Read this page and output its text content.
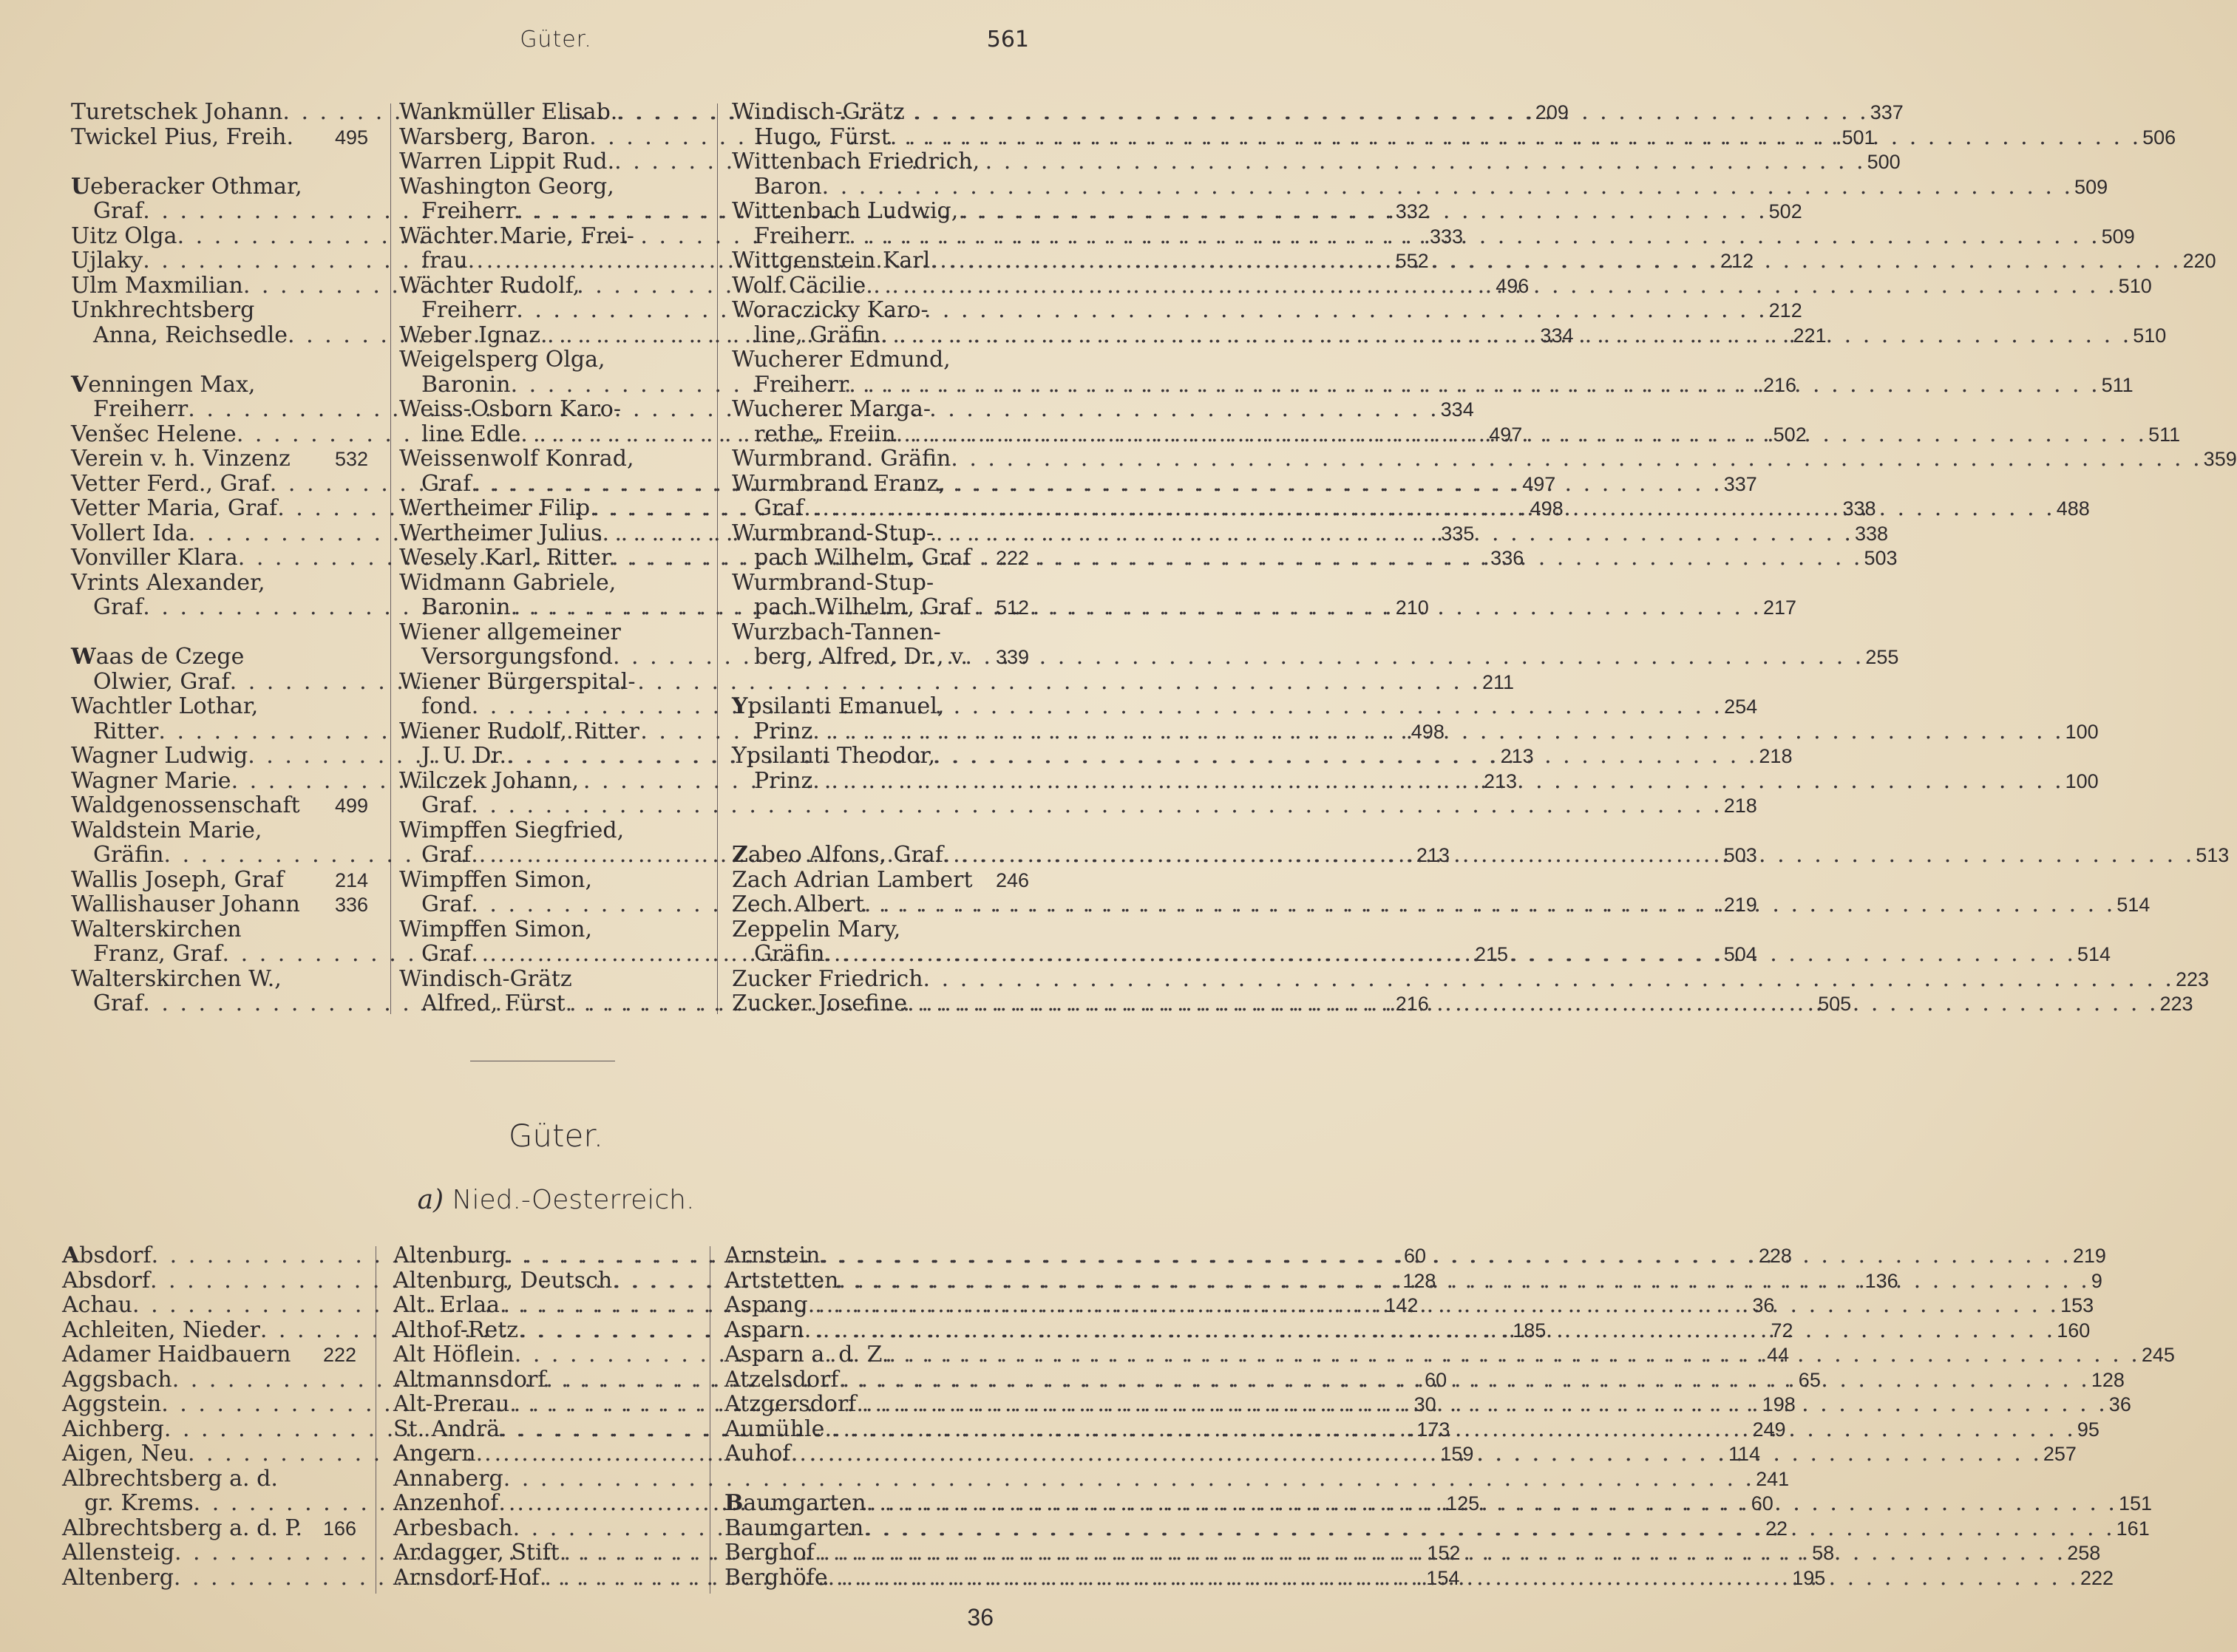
Güter.	561
Turetschek Johann . . .	209
Twickel Pius, Freih. 495
Ueberacker Othmar,
Graf . . .	332
Uitz Olga . . .	333
Ujlaky . . .	552
Ulm Maxmilian . . .	496
Unkhrechtsberg
Anna, Reichsedle . . .	334
Venningen Max,
Freiherr . . .	334
Venšec Helene . . .	497
Verein v. h. Vinzenz 532
Vetter Ferd., Graf . . .	497
Vetter Maria, Graf . . .	498
Vollert Ida . . .	335
Vonviller Klara . . .	336
Vrints Alexander,
Graf . . .	210
Waas de Czege
Olwier, Graf . . .	211
Wachtler Lothar,
Ritter . . .	498
Wagner Ludwig . . .	213
Wagner Marie . . .	213
Waldgenossenschaft 499
Waldstein Marie,
Gräfin . . .	213
Wallis Joseph, Graf	214
Wallishauser Johann 336
Walterskirchen
Franz, Graf . . .	215
Walterskirchen W.,
Graf . . .	216
Wankmüller Elisab. . . .	337
Warsberg, Baron . . .	501
Warren Lippit Rud. . . .	500
Washington Georg,
Freiherr . . .	502
Wächter Marie, Frei-
frau . . .	212
Wächter Rudolf,
Freiherr . . .	212
Weber Ignaz . . .	221
Weigelsperg Olga,
Baronin . . .	216
Weiss-Osborn Karo-
line Edle . . .	502
Weissenwolf Konrad,
Graf . . .	337
Wertheimer Filip . . .	338
Wertheimer Julius . . .	338
Wesely Karl, Ritter . . .	503
Widmann Gabriele,
Baronin . . .	217
Wiener allgemeiner
Versorgungsfond . . .	255
Wiener Bürgerspital-
fond . . .	254
Wiener Rudolf, Ritter
J. U. Dr. . . .	218
Wilczek Johann,
Graf . . .	218
Wimpffen Siegfried,
Graf . . .	503
Wimpffen Simon,
Graf . . .	219
Wimpffen Simon,
Graf . . .	504
Windisch-Grätz
Alfred, Fürst . . .	505
Windisch-Grätz
Hugo, Fürst . . .	506
Wittenbach Friedrich,
Baron . . .	509
Wittenbach Ludwig,
Freiherr . . .	509
Wittgenstein Karl . . .	220
Wolf Cäcilie . . .	510
Woraczicky Karo-
line, Gräfin . . .	510
Wucherer Edmund,
Freiherr . . .	511
Wucherer Marga-
rethe, Freiin . . .	511
Wurmbrand. Gräfin . . .	359
Wurmbrand Franz,
Graf . . .	488
Wurmbrand-Stup-
pach Wilhelm, Graf 222
Wurmbrand-Stup-
pach Wilhelm, Graf 512
Wurzbach-Tannen-
berg, Alfred, Dr., v. 339
Ypsilanti Emanuel,
Prinz . . .	100
Ypsilanti Theodor,
Prinz . . .	100
Zabeo Alfons, Graf . . .	513
Zach Adrian Lambert 246
Zech Albert . . .	514
Zeppelin Mary,
Gräfin . . .	514
Zucker Friedrich . . .	223
Zucker Josefine . . .	223
Güter.
a) Nied.-Oesterreich.
Absdorf . . .	60
Absdorf . . .	128
Achau . . .	142
Achleiten, Nieder . . .	185
Adamer Haidbauern 222
Aggsbach . . .	60
Aggstein . . .	30
Aichberg . . .	173
Aigen, Neu . . .	159
Albrechtsberg a. d.
gr. Krems . . .	125
Albrechtsberg a. d. P. 166
Allensteig . . .	152
Altenberg . . .	154
Altenburg . . .	228
Altenburg, Deutsch . . .	136
Alt. Erlaa . . .	36
Althof-Retz . . .	72
Alt Höflein . . .	44
Altmannsdorf . . .	65
Alt-Prerau . . .	198
St. Andrä . . .	249
Angern . . .	114
Annaberg . . .	241
Anzenhof . . .	60
Arbesbach . . .	22
Ardagger, Stift . . .	58
Arnsdorf-Hof . . .	195
Arnstein . . .	219
Artstetten . . .	9
Aspang . . .	153
Asparn . . .	160
Asparn a. d. Z. . . .	245
Atzelsdorf . . .	128
Atzgersdorf . . .	36
Aumühle . . .	95
Auhof . . .	257
Baumgarten . . .	151
Baumgarten . . .	161
Berghof . . .	258
Berghöfe . . .	222
36
